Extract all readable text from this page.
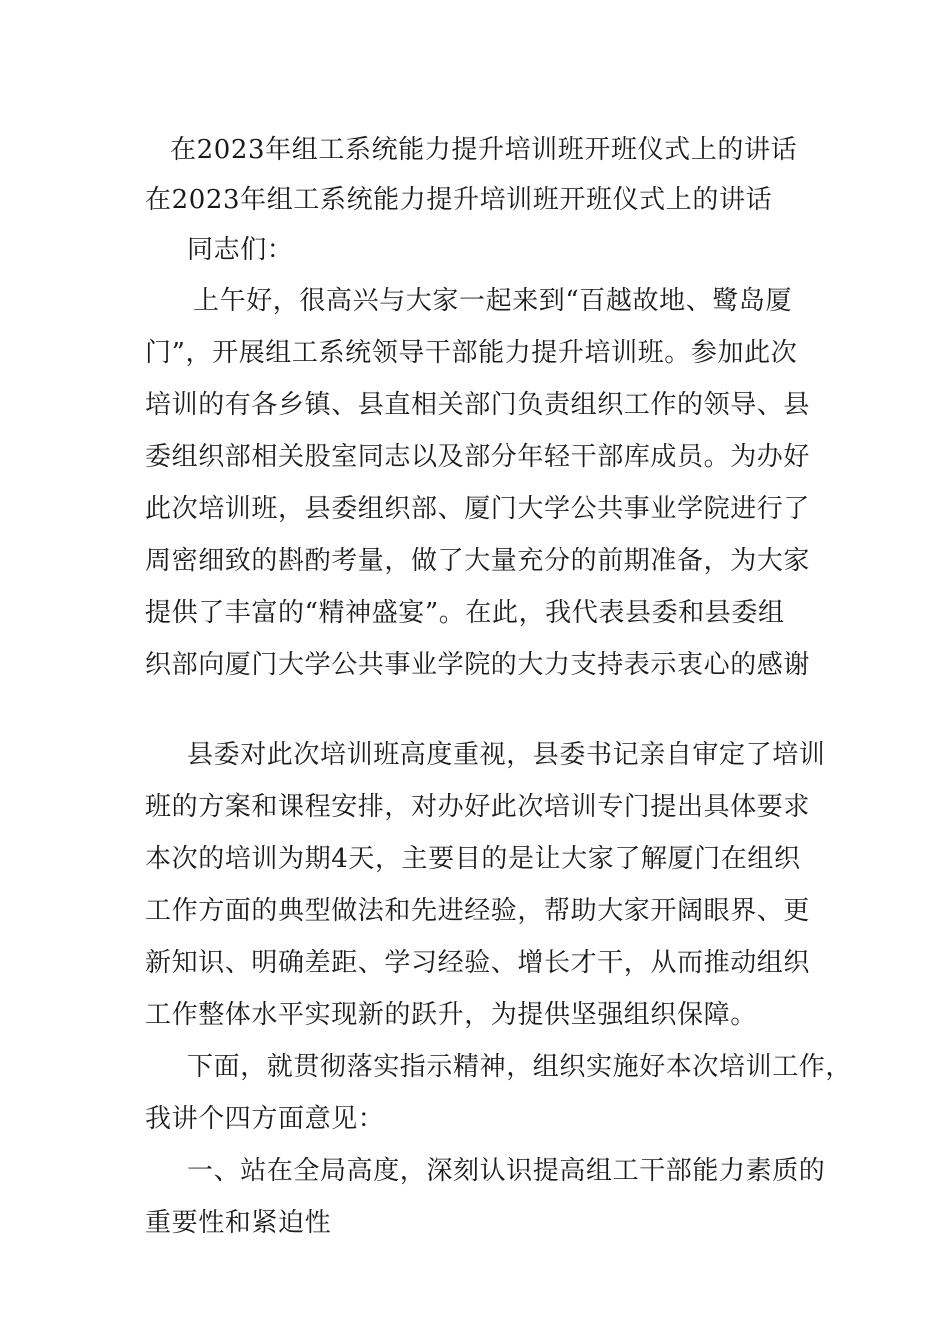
在2023年组工系统能力提升培训班开班仪式上的讲话
在2023年组工系统能力提升培训班开班仪式上的讲话
同志们：
上午好，很高兴与大家一起来到“百越故地、鹭岛厦
门”，开展组工系统领导干部能力提升培训班。参加此次
培训的有各乡镇、县直相关部门负责组织工作的领导、县
委组织部相关股室同志以及部分年轻干部库成员。为办好
此次培训班，县委组织部、厦门大学公共事业学院进行了
周密细致的斟酌考量，做了大量充分的前期准备，为大家
提供了丰富的“精神盛宴”。在此，我代表县委和县委组
织部向厦门大学公共事业学院的大力支持表示衷心的感谢
县委对此次培训班高度重视，县委书记亲自审定了培训
班的方案和课程安排，对办好此次培训专门提出具体要求
本次的培训为期4天，主要目的是让大家了解厦门在组织
工作方面的典型做法和先进经验，帮助大家开阔眼界、更
新知识、明确差距、学习经验、增长才干，从而推动组织
工作整体水平实现新的跃升，为提供坚强组织保障。
下面，就贯彻落实指示精神，组织实施好本次培训工作，
我讲个四方面意见：
一、站在全局高度，深刻认识提高组工干部能力素质的
重要性和紧迫性
